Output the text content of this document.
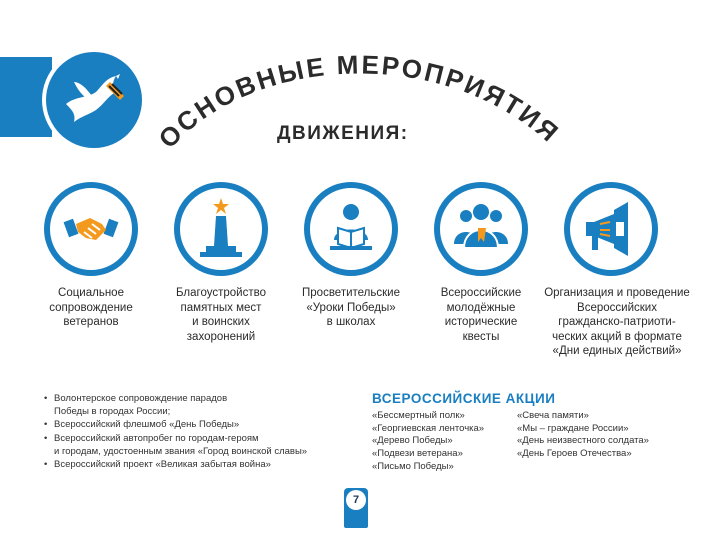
ОСНОВНЫЕ МЕРОПРИЯТИЯ
ДВИЖЕНИЯ:
Социальное
сопровождение
ветеранов
Благоустройство
памятных мест
и воинских
захоронений
Просветительские
«Уроки Победы»
в школах
Всероссийские
молодёжные
исторические
квесты
Организация и проведение
Всероссийских
гражданско-патриоти-
ческих акций в формате
«Дни единых действий»
• Волонтерское сопровождение парадов
Победы в городах России;
• Всероссийский флешмоб «День Победы»
• Всероссийский автопробег по городам-героям
и городам, удостоенным звания «Город воинской славы»
• Всероссийский проект «Великая забытая война»
ВСЕРОССИЙСКИЕ АКЦИИ
«Бессмертный полк»
«Георгиевская ленточка»
«Дерево Победы»
«Подвези ветерана»
«Письмо Победы»
«Свеча памяти»
«Мы – граждане России»
«День неизвестного солдата»
«День Героев Отечества»
7
